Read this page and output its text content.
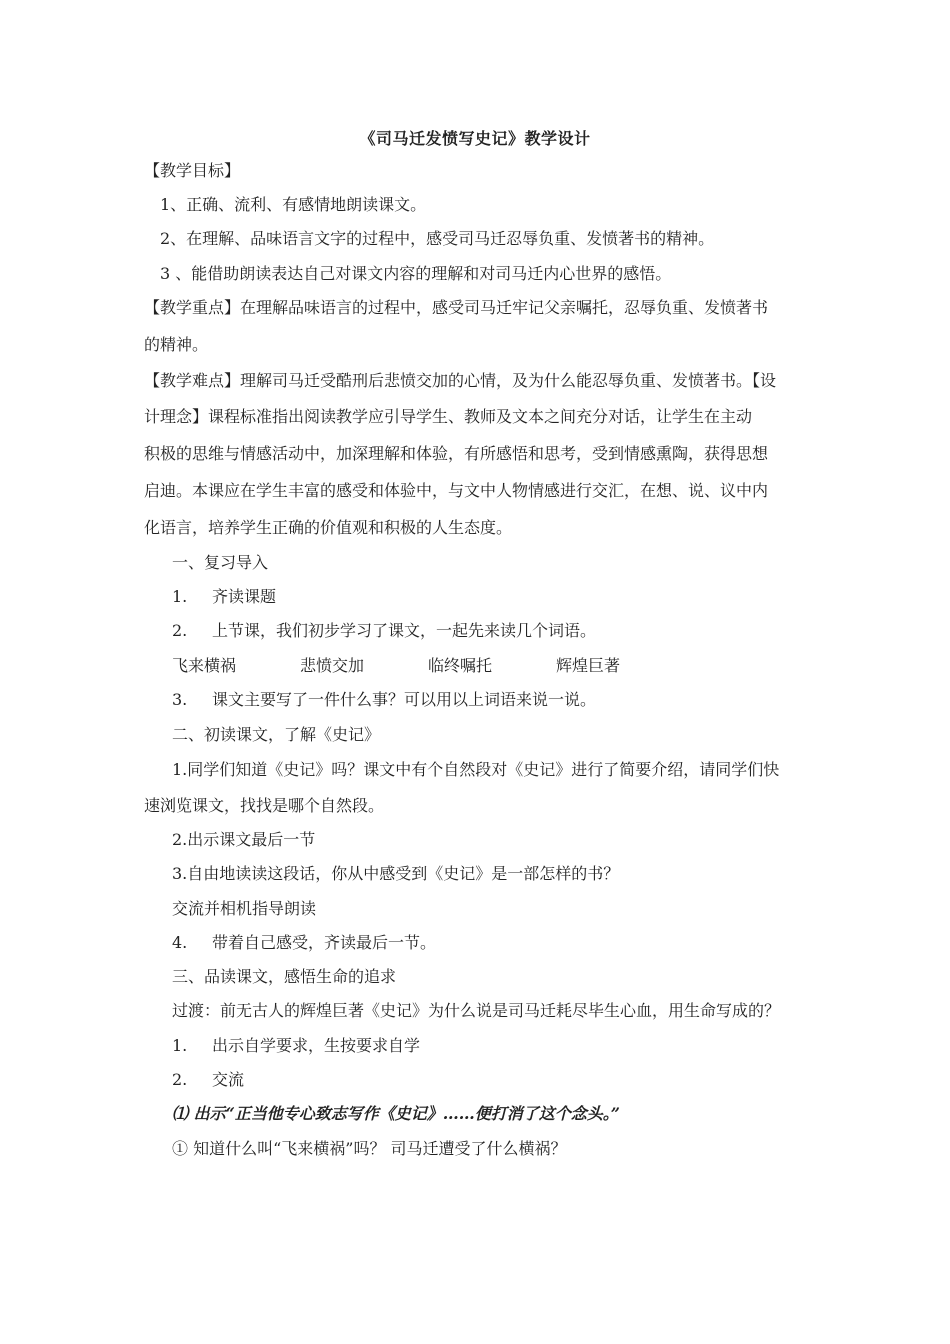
《司马迁发愤写史记》教学设计
【教学目标】
1、正确、流利、有感情地朗读课文。
2、在理解、品味语言文字的过程中，感受司马迁忍辱负重、发愤著书的精神。
3 、能借助朗读表达自己对课文内容的理解和对司马迁内心世界的感悟。
【教学重点】在理解品味语言的过程中，感受司马迁牢记父亲嘱托，忍辱负重、发愤著书
的精神。
【教学难点】理解司马迁受酷刑后悲愤交加的心情，及为什么能忍辱负重、发愤著书。【设
计理念】课程标准指出阅读教学应引导学生、教师及文本之间充分对话，让学生在主动
积极的思维与情感活动中，加深理解和体验，有所感悟和思考，受到情感熏陶，获得思想
启迪。本课应在学生丰富的感受和体验中，与文中人物情感进行交汇，在想、说、议中内
化语言，培养学生正确的价值观和积极的人生态度。
一、复习导入
1. 齐读课题
2. 上节课，我们初步学习了课文，一起先来读几个词语。
飞来横祸	悲愤交加	临终嘱托	辉煌巨著
3. 课文主要写了一件什么事？可以用以上词语来说一说。
二、初读课文，了解《史记》
1.同学们知道《史记》吗？课文中有个自然段对《史记》进行了简要介绍，请同学们快
速浏览课文，找找是哪个自然段。
2.出示课文最后一节
3.自由地读读这段话，你从中感受到《史记》是一部怎样的书？
交流并相机指导朗读
4. 带着自己感受，齐读最后一节。
三、品读课文，感悟生命的追求
过渡：前无古人的辉煌巨著《史记》为什么说是司马迁耗尽毕生心血，用生命写成的？
1. 出示自学要求，生按要求自学
2. 交流
⑴ 出示“正当他专心致志写作《史记》……便打消了这个念头。”
① 知道什么叫“飞来横祸”吗？ 司马迁遭受了什么横祸？
